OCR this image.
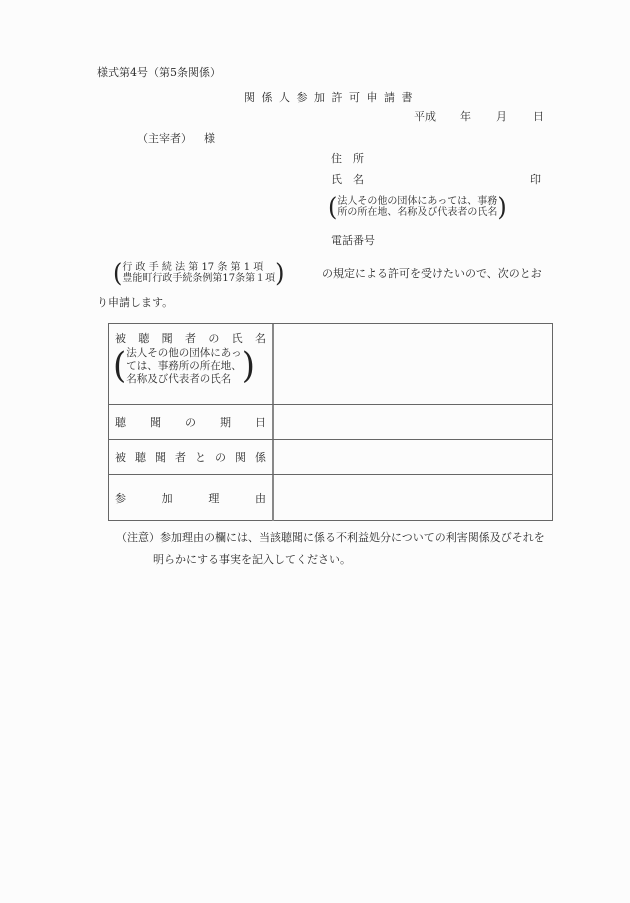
様式第4号（第5条関係）
関係人参加許可申請書
平成 年 月 日
（主宰者） 様
住　所
氏　名	印
( 法人その他の団体にあっては、事務
所の所在地、名称及び代表者の氏名 )
電話番号
( 行 政 手 続 法 第 17 条 第 1 項
豊能町行政手続条例第17条第１項 )	の規定による許可を受けたいので、次のとお
り申請します。
被 聴 聞 者 の 氏 名
( 法人その他の団体にあっ
ては、事務所の所在地、
名称及び代表者の氏名 )
聴 聞 の 期 日
被 聴 聞 者 と の 関 係
参	加	理	由
（注意）参加理由の欄には、当該聴聞に係る不利益処分についての利害関係及びそれを
明らかにする事実を記入してください。
